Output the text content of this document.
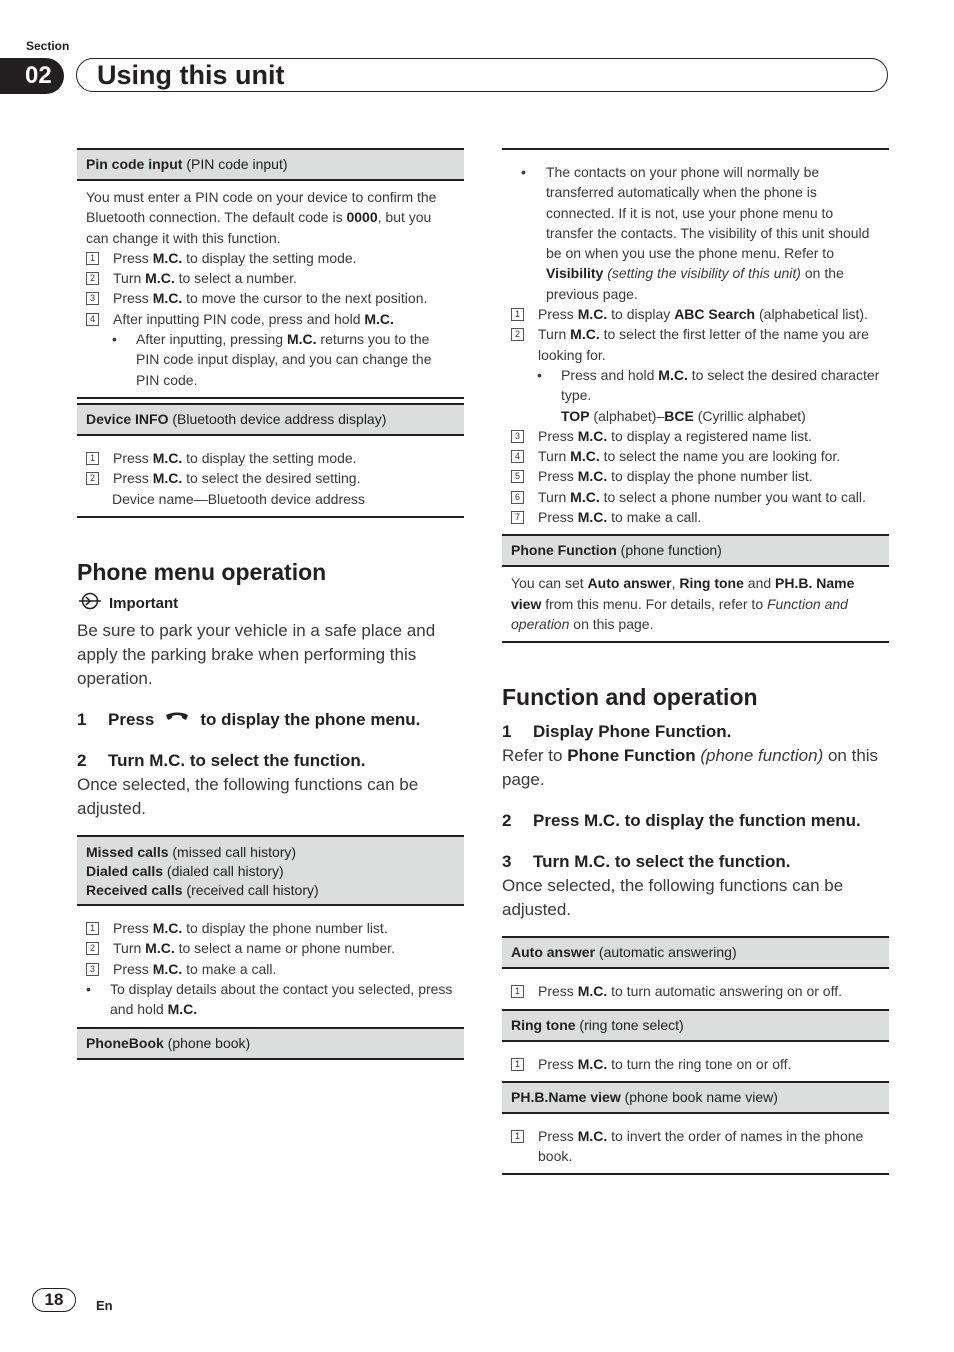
Section
02	Using this unit
Pin code input (PIN code input)

You must enter a PIN code on your device to confirm the Bluetooth connection. The default code is 0000, but you can change it with this function.

1 Press M.C. to display the setting mode.
2 Turn M.C. to select a number.
3 Press M.C. to move the cursor to the next position.
4 After inputting PIN code, press and hold M.C.
•	After inputting, pressing M.C. returns you to the PIN code input display, and you can change the PIN code.
Device INFO (Bluetooth device address display)
1 Press M.C. to display the setting mode.
2 Press M.C. to select the desired setting.
Device name—Bluetooth device address
Phone menu operation
Important
Be sure to park your vehicle in a safe place and apply the parking brake when performing this operation.
1	Press	to display the phone menu.
2 Turn M.C. to select the function.
Once selected, the following functions can be adjusted.
Missed calls (missed call history)
Dialed calls (dialed call history)
Received calls (received call history)
1 Press M.C. to display the phone number list.
2 Turn M.C. to select a name or phone number.
3 Press M.C. to make a call.
•	To display details about the contact you selected, press and hold M.C.
PhoneBook (phone book)
•	The contacts on your phone will normally be transferred automatically when the phone is connected. If it is not, use your phone menu to transfer the contacts. The visibility of this unit should be on when you use the phone menu. Refer to Visibility (setting the visibility of this unit) on the previous page.
1 Press M.C. to display ABC Search (alphabetical list).
2 Turn M.C. to select the first letter of the name you are looking for.
•	Press and hold M.C. to select the desired character type.
TOP (alphabet)–BCE (Cyrillic alphabet)
3 Press M.C. to display a registered name list.
4 Turn M.C. to select the name you are looking for.
5 Press M.C. to display the phone number list.
6 Turn M.C. to select a phone number you want to call.
7 Press M.C. to make a call.
Phone Function (phone function)

You can set Auto answer, Ring tone and PH.B. Name view from this menu. For details, refer to Function and operation on this page.

Function and operation
1 Display Phone Function.
Refer to Phone Function (phone function) on this page.
2 Press M.C. to display the function menu.
3 Turn M.C. to select the function.
Once selected, the following functions can be adjusted.
Auto answer (automatic answering)
1 Press M.C. to turn automatic answering on or off.
Ring tone (ring tone select)
1 Press M.C. to turn the ring tone on or off.
PH.B.Name view (phone book name view)
1 Press M.C. to invert the order of names in the phone book.
18	En
